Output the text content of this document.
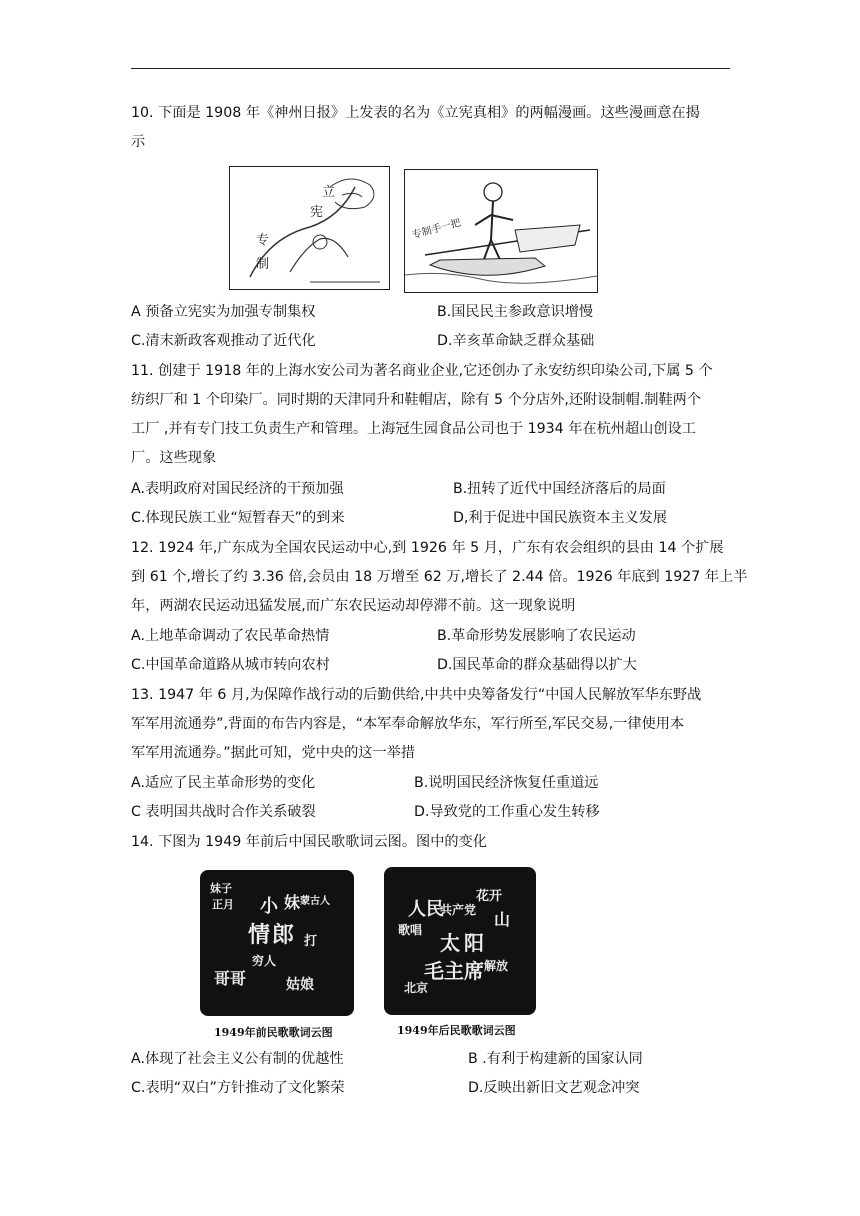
10. 下面是 1908 年《神州日报》上发表的名为《立宪真相》的两幅漫画。这些漫画意在揭
示
立
宪
专
制
专制手一把
A 预备立宪实为加强专制集权	B.国民民主参政意识增慢
C.清末新政客观推动了近代化	D.辛亥革命缺乏群众基础
11. 创建于 1918 年的上海水安公司为著名商业企业,它还创办了永安纺织印染公司,下属 5 个
纺织厂和 1 个印染厂。同时期的天津同升和鞋帽店，除有 5 个分店外,还附设制帽.制鞋两个
工厂 ,并有专门技工负责生产和管理。上海冠生园食品公司也于 1934 年在杭州超山创设工
厂。这些现象
A.表明政府对国民经济的干预加强	B.扭转了近代中国经济落后的局面
C.体现民族工业“短暂春天”的到来	D,利于促进中国民族资本主义发展
12. 1924 年,广东成为全国农民运动中心,到 1926 年 5 月，广东有农会组织的县由 14 个扩展
到 61 个,增长了约 3.36 倍,会员由 18 万增至 62 万,增长了 2.44 倍。1926 年底到 1927 年上半
年，两湖农民运动迅猛发展,而广东农民运动却停滞不前。这一现象说明
A.上地革命调动了农民革命热情	B.革命形势发展影响了农民运动
C.中国革命道路从城市转向农村	D.国民革命的群众基础得以扩大
13. 1947 年 6 月,为保障作战行动的后勤供给,中共中央筹备发行“中国人民解放军华东野战
军军用流通券”,背面的布告内容是，“本军奉命解放华东，军行所至,军民交易,一律使用本
军军用流通券。”据此可知，党中央的这一举措
A.适应了民主革命形势的变化	B.说明国民经济恢复任重道远
C 表明国共战时合作关系破裂	D.导致党的工作重心发生转移
14. 下图为 1949 年前后中国民歌歌词云图。图中的变化
小 妹
情 郎
正月
妹子
打
穷人
哥哥
蒙古人
姑娘
1949年前民歌歌词云图
人民
太 阳
毛主席
共产党
花开
山
歌唱
解放
北京
1949年后民歌歌词云图
A.体现了社会主义公有制的优越性	B .有利于构建新的国家认同
C.表明“双白”方针推动了文化繁荣	D.反映出新旧文艺观念冲突
